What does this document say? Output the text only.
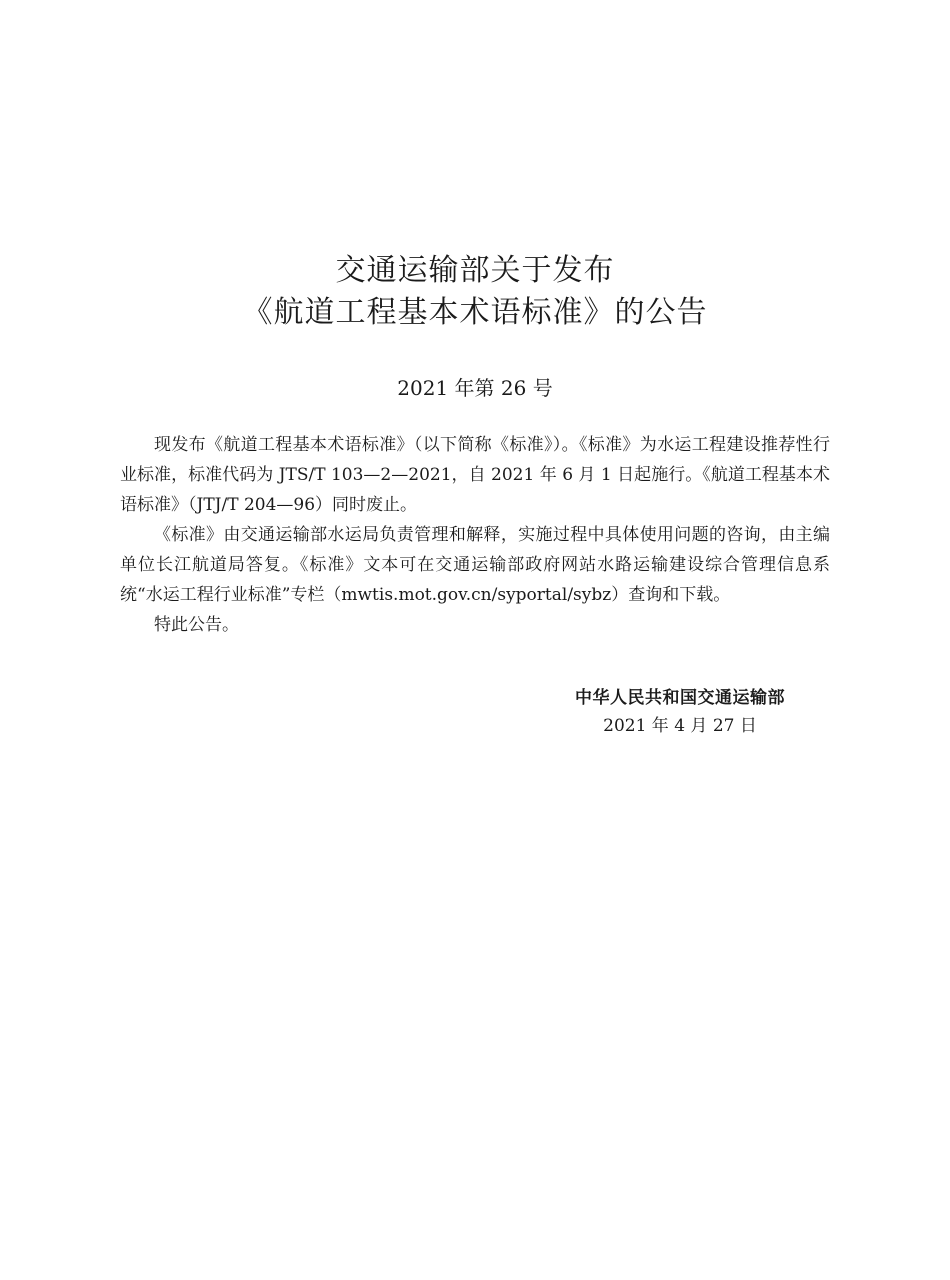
交通运输部关于发布
《航道工程基本术语标准》的公告
2021 年第 26 号

现发布《航道工程基本术语标准》（以下简称《标准》）。《标准》为水运工程建设推荐性行业标准，标准代码为 JTS/T 103—2—2021，自 2021 年 6 月 1 日起施行。《航道工程基本术语标准》（JTJ/T 204—96）同时废止。

《标准》由交通运输部水运局负责管理和解释，实施过程中具体使用问题的咨询，由主编单位长江航道局答复。《标准》文本可在交通运输部政府网站水路运输建设综合管理信息系统“水运工程行业标准”专栏（mwtis.mot.gov.cn/syportal/sybz）查询和下载。

特此公告。

中华人民共和国交通运输部
2021 年 4 月 27 日
